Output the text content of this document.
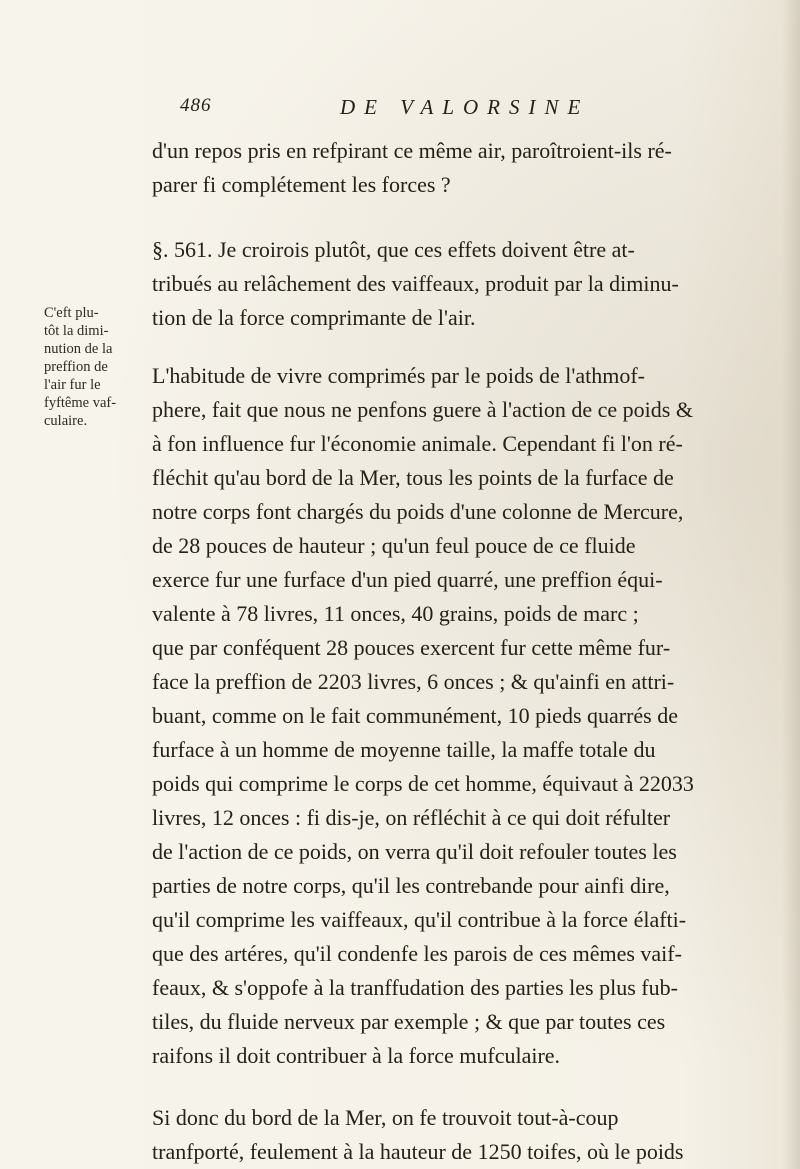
486	DE VALORSINE
C'eft plu-
tôt la dimi-
nution de la
preffion de
l'air fur le
fyftême vaf-
culaire.
d'un repos pris en refpirant ce même air, paroîtroient-ils ré-
parer fi complétement les forces ?
§. 561. Je croirois plutôt, que ces effets doivent être at-
tribués au relâchement des vaiffeaux, produit par la diminu-
tion de la force comprimante de l'air.
L'habitude de vivre comprimés par le poids de l'athmof-
phere, fait que nous ne penfons guere à l'action de ce poids &
à fon influence fur l'économie animale. Cependant fi l'on ré-
fléchit qu'au bord de la Mer, tous les points de la furface de
notre corps font chargés du poids d'une colonne de Mercure,
de 28 pouces de hauteur ; qu'un feul pouce de ce fluide
exerce fur une furface d'un pied quarré, une preffion équi-
valente à 78 livres, 11 onces, 40 grains, poids de marc ;
que par conféquent 28 pouces exercent fur cette même fur-
face la preffion de 2203 livres, 6 onces ; & qu'ainfi en attri-
buant, comme on le fait communément, 10 pieds quarrés de
furface à un homme de moyenne taille, la maffe totale du
poids qui comprime le corps de cet homme, équivaut à 22033
livres, 12 onces : fi dis-je, on réfléchit à ce qui doit réfulter
de l'action de ce poids, on verra qu'il doit refouler toutes les
parties de notre corps, qu'il les contrebande pour ainfi dire,
qu'il comprime les vaiffeaux, qu'il contribue à la force élafti-
que des artéres, qu'il condenfe les parois de ces mêmes vaif-
feaux, & s'oppofe à la tranffudation des parties les plus fub-
tiles, du fluide nerveux par exemple ; & que par toutes ces
raifons il doit contribuer à la force mufculaire.
Si donc du bord de la Mer, on fe trouvoit tout-à-coup
tranfporté, feulement à la hauteur de 1250 toifes, où le poids
